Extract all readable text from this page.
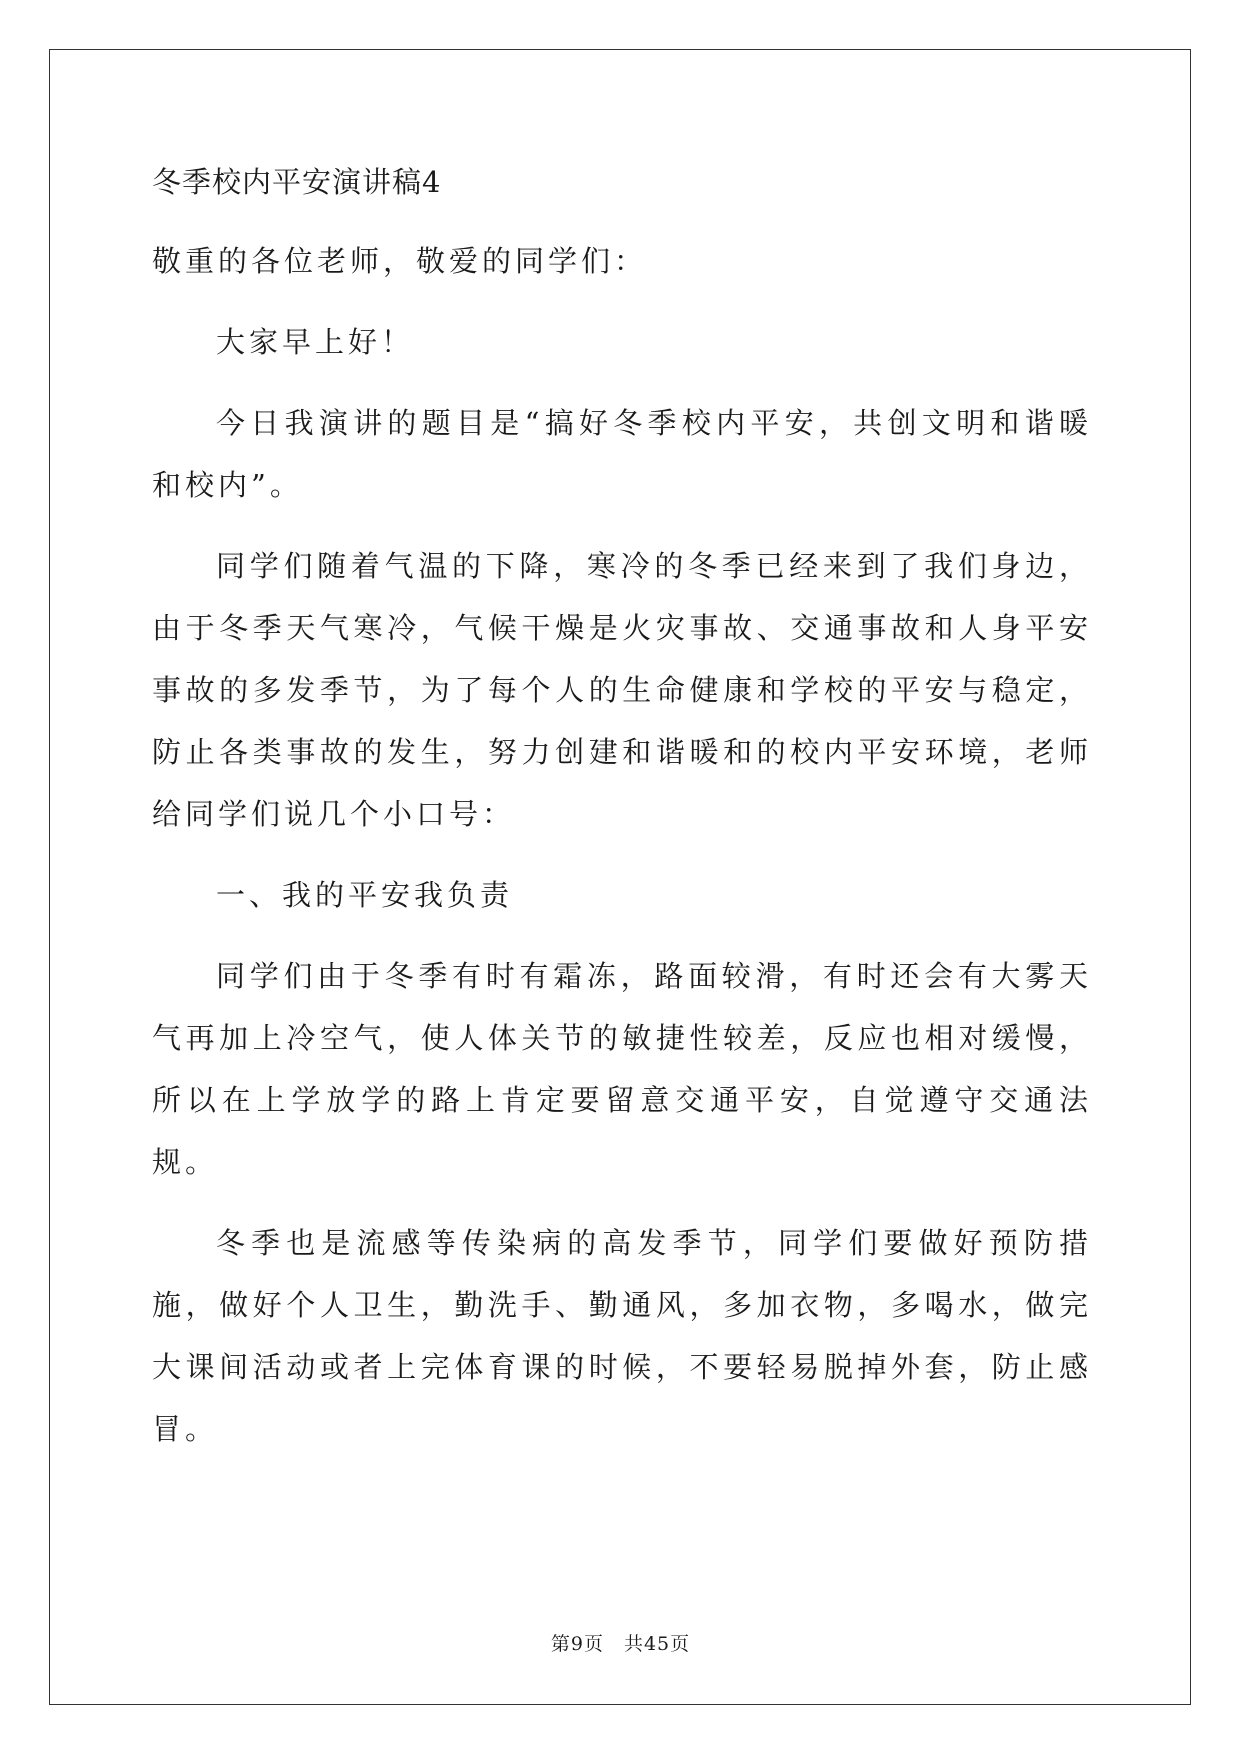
冬季校内平安演讲稿4

敬重的各位老师，敬爱的同学们：

大家早上好！

今日我演讲的题目是“搞好冬季校内平安，共创文明和谐暖和校内”。

同学们随着气温的下降，寒冷的冬季已经来到了我们身边，由于冬季天气寒冷，气候干燥是火灾事故、交通事故和人身平安事故的多发季节，为了每个人的生命健康和学校的平安与稳定，防止各类事故的发生，努力创建和谐暖和的校内平安环境，老师给同学们说几个小口号：

一、我的平安我负责

同学们由于冬季有时有霜冻，路面较滑，有时还会有大雾天气再加上冷空气，使人体关节的敏捷性较差，反应也相对缓慢，所以在上学放学的路上肯定要留意交通平安，自觉遵守交通法规。

冬季也是流感等传染病的高发季节，同学们要做好预防措施，做好个人卫生，勤洗手、勤通风，多加衣物，多喝水，做完大课间活动或者上完体育课的时候，不要轻易脱掉外套，防止感冒。

第9页　共45页
